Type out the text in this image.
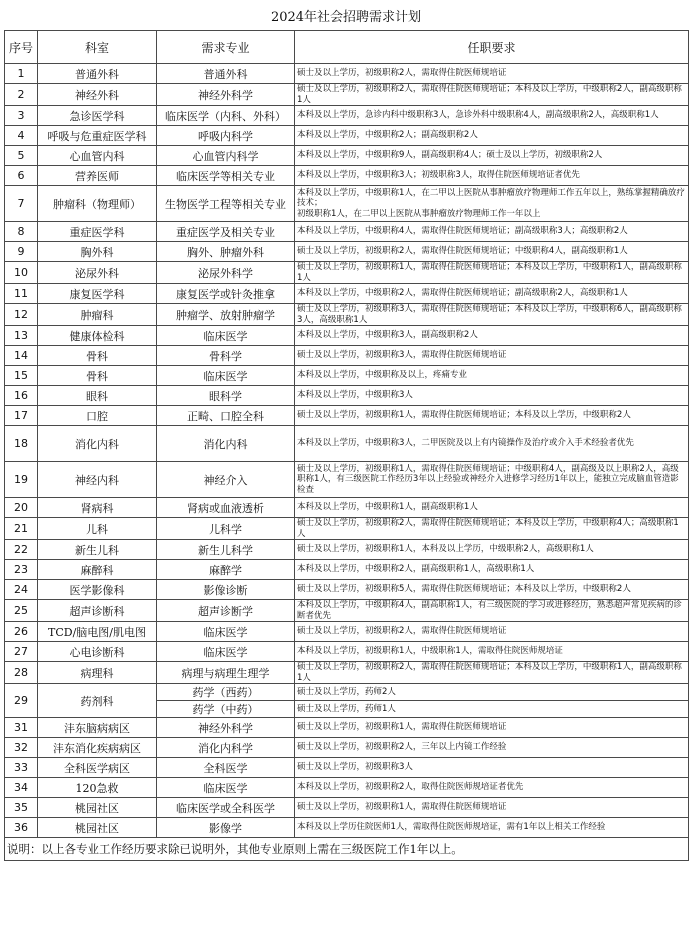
2024年社会招聘需求计划
序号	科室	需求专业	任职要求
1	普通外科	普通外科	硕士及以上学历，初级职称2人，需取得住院医师规培证
2	神经外科	神经外科学	硕士及以上学历，初级职称2人，需取得住院医师规培证；本科及以上学历，中级职称2人，副高级职称1人
3	急诊医学科	临床医学（内科、外科）	本科及以上学历，急诊内科中级职称3人，急诊外科中级职称4人，副高级职称2人，高级职称1人
4	呼吸与危重症医学科	呼吸内科学	本科及以上学历，中级职称2人；副高级职称2人
5	心血管内科	心血管内科学	本科及以上学历，中级职称9人，副高级职称4人；硕士及以上学历，初级职称2人
6	营养医师	临床医学等相关专业	本科及以上学历，中级职称3人；初级职称3人，取得住院医师规培证者优先
7	肿瘤科（物理师）	生物医学工程等相关专业	本科及以上学历，中级职称1人，在二甲以上医院从事肿瘤放疗物理师工作五年以上，熟练掌握精确放疗技术；
初级职称1人，在二甲以上医院从事肿瘤放疗物理师工作一年以上
8	重症医学科	重症医学及相关专业	本科及以上学历，中级职称4人，需取得住院医师规培证；副高级职称3人；高级职称2人
9	胸外科	胸外、肿瘤外科	硕士及以上学历，初级职称2人，需取得住院医师规培证；中级职称4人，副高级职称1人
10	泌尿外科	泌尿外科学	硕士及以上学历，初级职称1人，需取得住院医师规培证；本科及以上学历，中级职称1人，副高级职称1人
11	康复医学科	康复医学或针灸推拿	本科及以上学历，中级职称2人，需取得住院医师规培证；副高级职称2人，高级职称1人
12	肿瘤科	肿瘤学、放射肿瘤学	硕士及以上学历，初级职称3人，需取得住院医师规培证；本科及以上学历，中级职称6人，副高级职称3人，高级职称1人
13	健康体检科	临床医学	本科及以上学历，中级职称3人，副高级职称2人
14	骨科	骨科学	硕士及以上学历，初级职称3人，需取得住院医师规培证
15	骨科	临床医学	本科及以上学历，中级职称及以上，疼痛专业
16	眼科	眼科学	本科及以上学历，中级职称3人
17	口腔	正畸、口腔全科	硕士及以上学历，初级职称1人，需取得住院医师规培证；本科及以上学历，中级职称2人
18	消化内科	消化内科	本科及以上学历，中级职称3人，二甲医院及以上有内镜操作及治疗或介入手术经验者优先
19	神经内科	神经介入	硕士及以上学历，初级职称1人，需取得住院医师规培证；中级职称4人，副高级及以上职称2人，高级职称1人，有三级医院工作经历3年以上经验或神经介入进修学习经历1年以上，能独立完成脑血管造影检查
20	肾病科	肾病或血液透析	本科及以上学历，中级职称1人，副高级职称1人
21	儿科	儿科学	硕士及以上学历，初级职称2人，需取得住院医师规培证；本科及以上学历，中级职称4人；高级职称1人
22	新生儿科	新生儿科学	硕士及以上学历，初级职称1人，本科及以上学历，中级职称2人，高级职称1人
23	麻醉科	麻醉学	本科及以上学历，中级职称2人，副高级职称1人，高级职称1人
24	医学影像科	影像诊断	硕士及以上学历，初级职称5人，需取得住院医师规培证；本科及以上学历，中级职称2人
25	超声诊断科	超声诊断学	本科及以上学历，中级职称4人，副高职称1人，有三级医院的学习或进修经历，熟悉超声常见疾病的诊断者优先
26	TCD/脑电图/肌电图	临床医学	硕士及以上学历，初级职称2人，需取得住院医师规培证
27	心电诊断科	临床医学	本科及以上学历，初级职称1人，中级职称1人，需取得住院医师规培证
28	病理科	病理与病理生理学	硕士及以上学历，初级职称2人，需取得住院医师规培证；本科及以上学历，中级职称1人，副高级职称1人
29	药剂科	药学（西药）	硕士及以上学历，药师2人
		药学（中药）	硕士及以上学历，药师1人
31	沣东脑病病区	神经外科学	硕士及以上学历，初级职称1人，需取得住院医师规培证
32	沣东消化疾病病区	消化内科学	硕士及以上学历，初级职称2人，三年以上内镜工作经验
33	全科医学病区	全科医学	硕士及以上学历，初级职称3人
34	120急救	临床医学	本科及以上学历，初级职称2人，取得住院医师规培证者优先
35	桃园社区	临床医学或全科医学	硕士及以上学历，初级职称1人，需取得住院医师规培证
36	桃园社区	影像学	本科及以上学历住院医师1人，需取得住院医师规培证，需有1年以上相关工作经验
说明：以上各专业工作经历要求除已说明外，其他专业原则上需在三级医院工作1年以上。			
